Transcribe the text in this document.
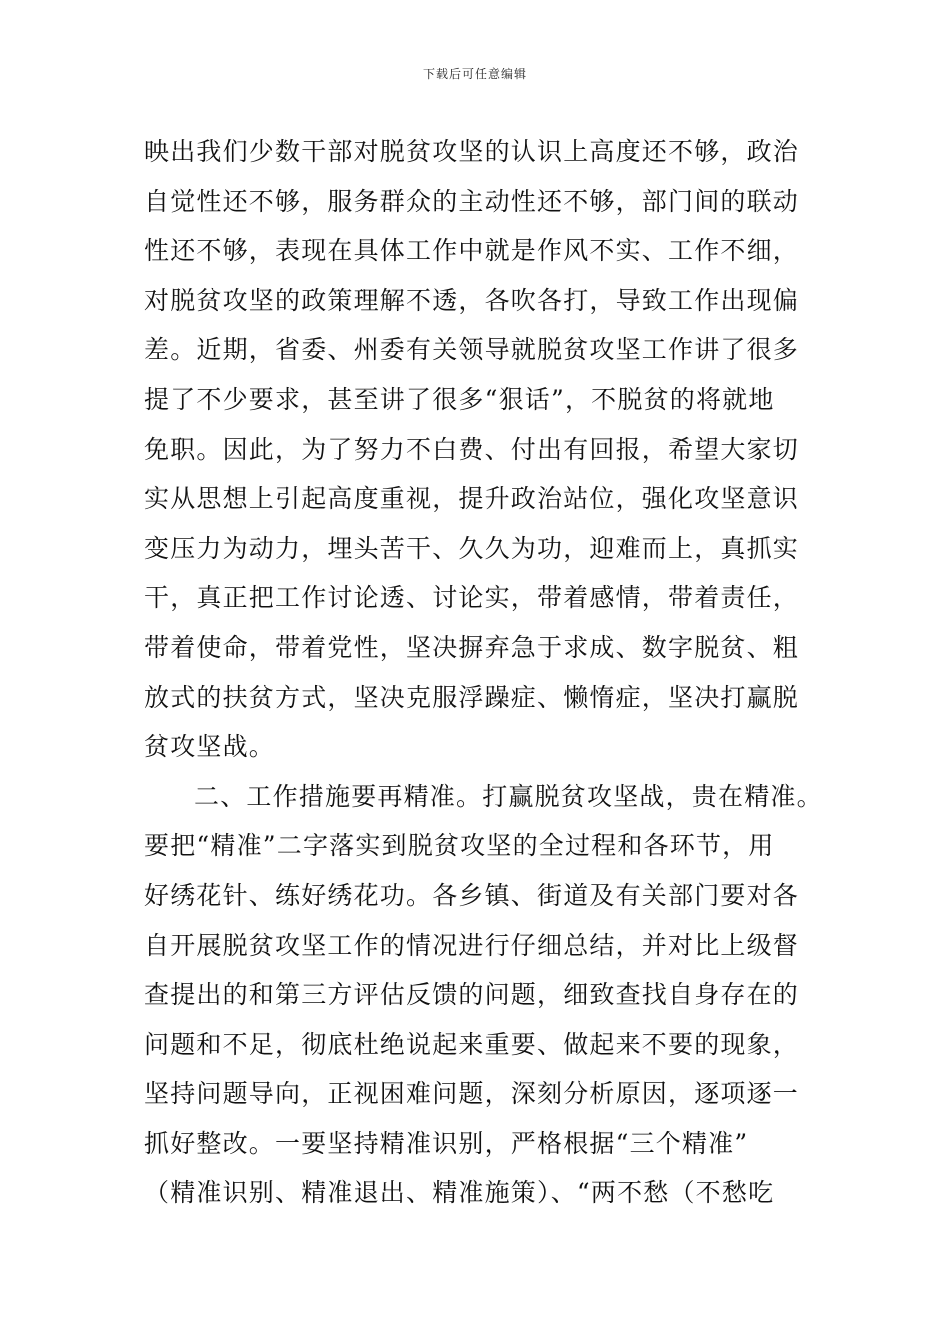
下载后可任意编辑
映出我们少数干部对脱贫攻坚的认识上高度还不够，政治
自觉性还不够，服务群众的主动性还不够，部门间的联动
性还不够，表现在具体工作中就是作风不实、工作不细，
对脱贫攻坚的政策理解不透，各吹各打，导致工作出现偏
差。近期，省委、州委有关领导就脱贫攻坚工作讲了很多
提了不少要求，甚至讲了很多“狠话”，不脱贫的将就地
免职。因此，为了努力不白费、付出有回报，希望大家切
实从思想上引起高度重视，提升政治站位，强化攻坚意识
变压力为动力，埋头苦干、久久为功，迎难而上，真抓实
干，真正把工作讨论透、讨论实，带着感情，带着责任，
带着使命，带着党性，坚决摒弃急于求成、数字脱贫、粗
放式的扶贫方式，坚决克服浮躁症、懒惰症，坚决打赢脱
贫攻坚战。
二、工作措施要再精准。打赢脱贫攻坚战，贵在精准。
要把“精准”二字落实到脱贫攻坚的全过程和各环节，用
好绣花针、练好绣花功。各乡镇、街道及有关部门要对各
自开展脱贫攻坚工作的情况进行仔细总结，并对比上级督
查提出的和第三方评估反馈的问题，细致查找自身存在的
问题和不足，彻底杜绝说起来重要、做起来不要的现象，
坚持问题导向，正视困难问题，深刻分析原因，逐项逐一
抓好整改。一要坚持精准识别，严格根据“三个精准”
（精准识别、精准退出、精准施策）、“两不愁（不愁吃
